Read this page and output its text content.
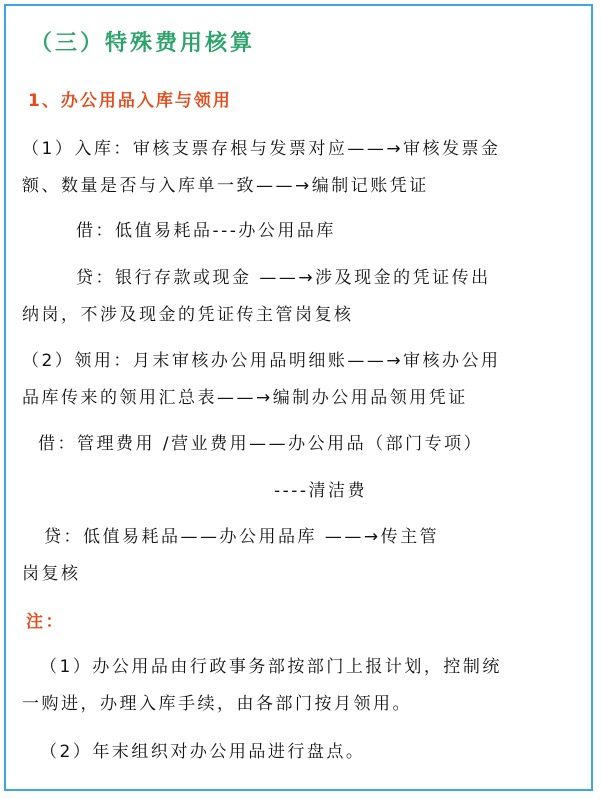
（三）特殊费用核算
1、办公用品入库与领用
（1）入库：审核支票存根与发票对应——→审核发票金
额、数量是否与入库单一致——→编制记账凭证
借：低值易耗品---办公用品库
贷：银行存款或现金 ——→涉及现金的凭证传出
纳岗，不涉及现金的凭证传主管岗复核
（2）领用：月末审核办公用品明细账——→审核办公用
品库传来的领用汇总表——→编制办公用品领用凭证
借：管理费用 /营业费用——办公用品（部门专项）
----清洁费
贷：低值易耗品——办公用品库 ——→传主管
岗复核
注：
（1）办公用品由行政事务部按部门上报计划，控制统
一购进，办理入库手续，由各部门按月领用。
（2）年末组织对办公用品进行盘点。
